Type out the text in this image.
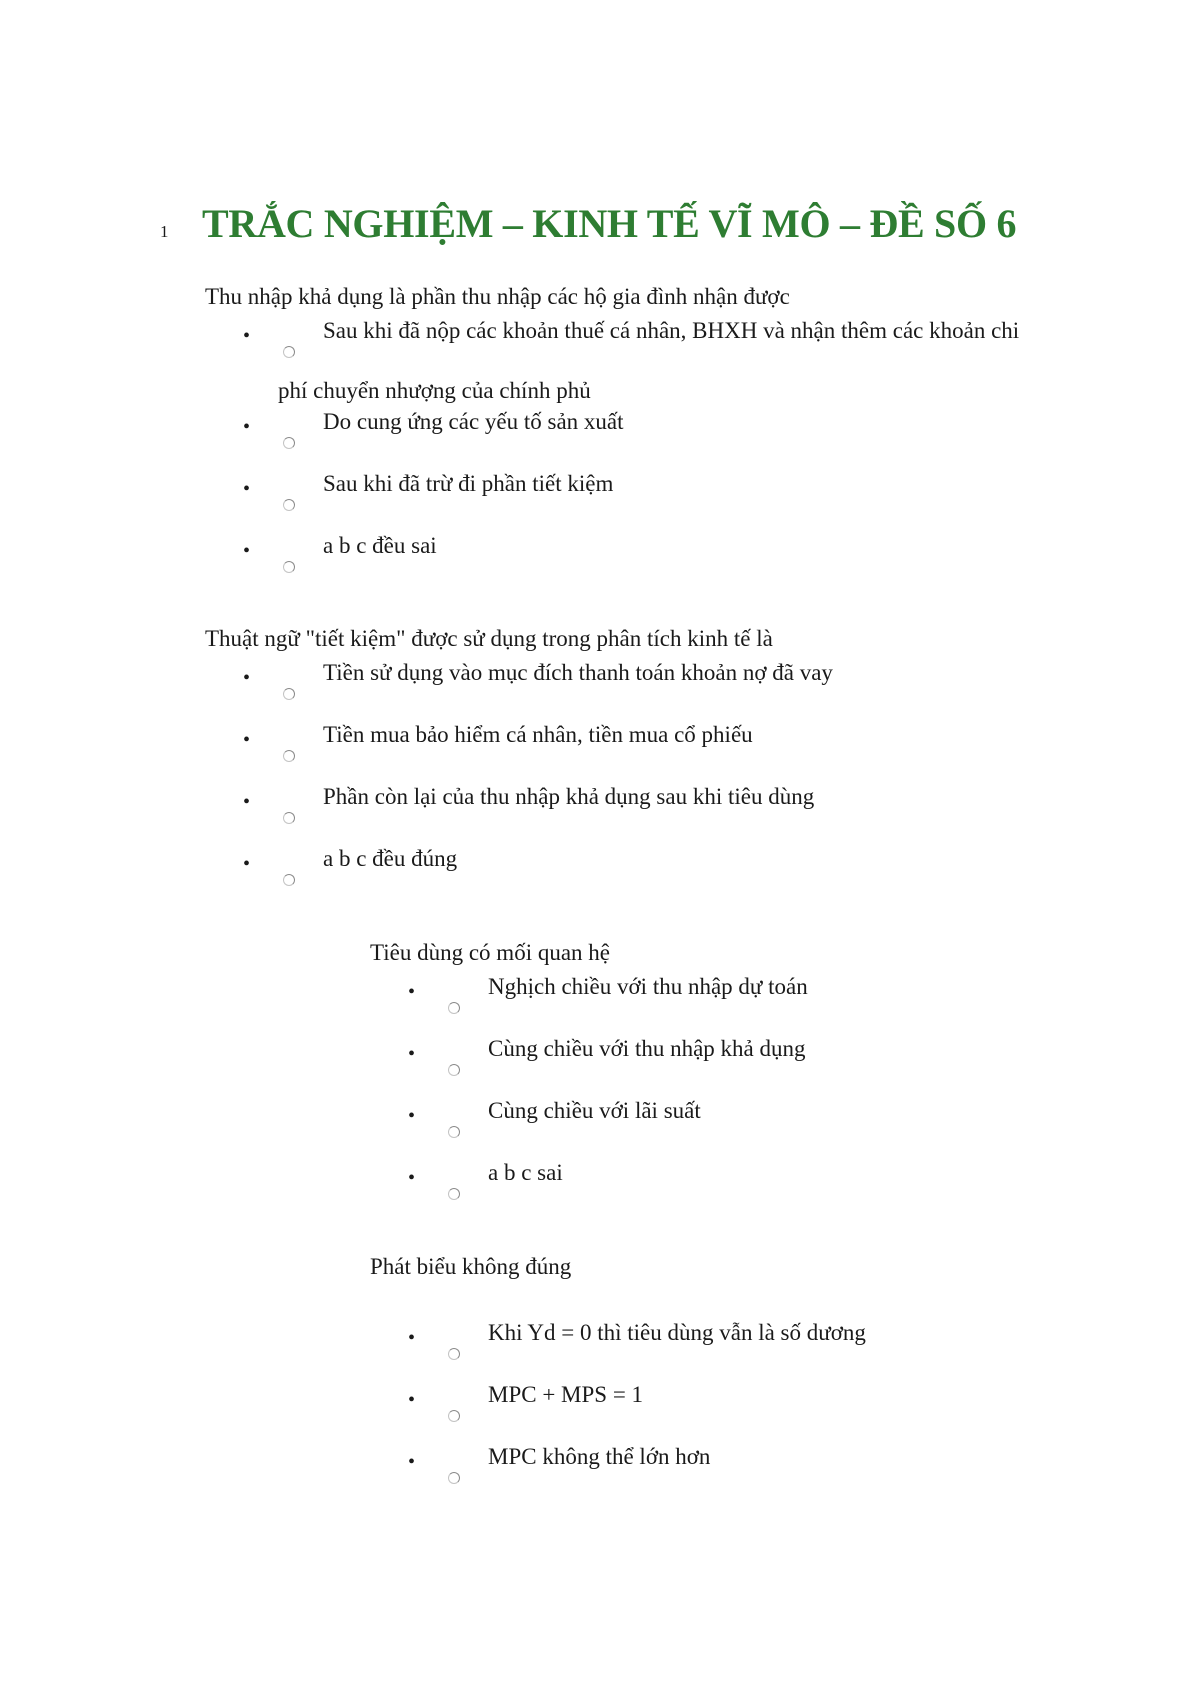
1 TRẮC NGHIỆM – KINH TẾ VĨ MÔ – ĐỀ SỐ 6

Thu nhập khả dụng là phần thu nhập các hộ gia đình nhận được

•	Sau khi đã nộp các khoản thuế cá nhân, BHXH và nhận thêm các khoản chi
phí chuyển nhượng của chính phủ
•	Do cung ứng các yếu tố sản xuất
•	Sau khi đã trừ đi phần tiết kiệm
•	a b c đều sai

Thuật ngữ "tiết kiệm" được sử dụng trong phân tích kinh tế là

•	Tiền sử dụng vào mục đích thanh toán khoản nợ đã vay
•	Tiền mua bảo hiểm cá nhân, tiền mua cổ phiếu
•	Phần còn lại của thu nhập khả dụng sau khi tiêu dùng
•	a b c đều đúng

Tiêu dùng có mối quan hệ

•	Nghịch chiều với thu nhập dự toán
•	Cùng chiều với thu nhập khả dụng
•	Cùng chiều với lãi suất
•	a b c sai

Phát biểu không đúng

•	Khi Yd = 0 thì tiêu dùng vẫn là số dương
•	MPC + MPS = 1
•	MPC không thể lớn hơn
